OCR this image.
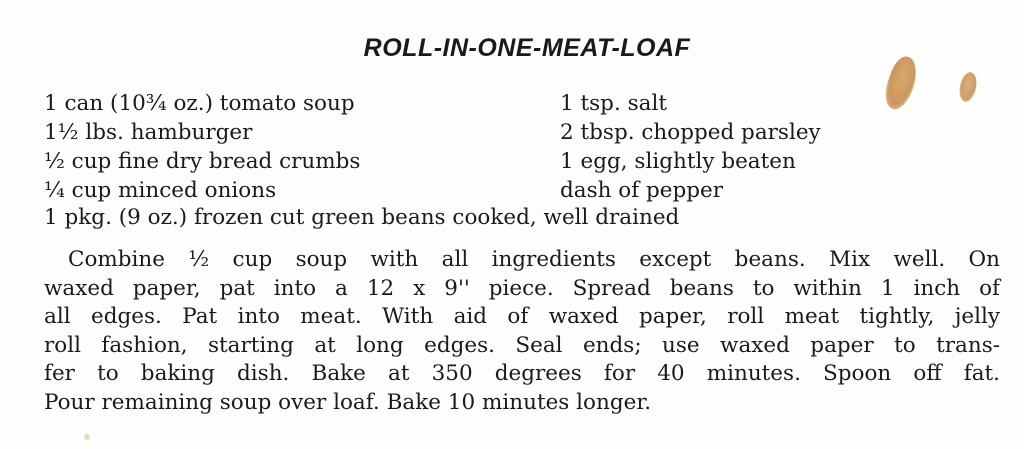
ROLL-IN-ONE-MEAT-LOAF
1 can (10¾ oz.) tomato soup
1½ lbs. hamburger
½ cup fine dry bread crumbs
¼ cup minced onions
1 tsp. salt
2 tbsp. chopped parsley
1 egg, slightly beaten
dash of pepper
1 pkg. (9 oz.) frozen cut green beans cooked, well drained
Combine ½ cup soup with all ingredients except beans. Mix well. On
waxed paper, pat into a 12 x 9'' piece. Spread beans to within 1 inch of
all edges. Pat into meat. With aid of waxed paper, roll meat tightly, jelly
roll fashion, starting at long edges. Seal ends; use waxed paper to trans-
fer to baking dish. Bake at 350 degrees for 40 minutes. Spoon off fat.
Pour remaining soup over loaf. Bake 10 minutes longer.
